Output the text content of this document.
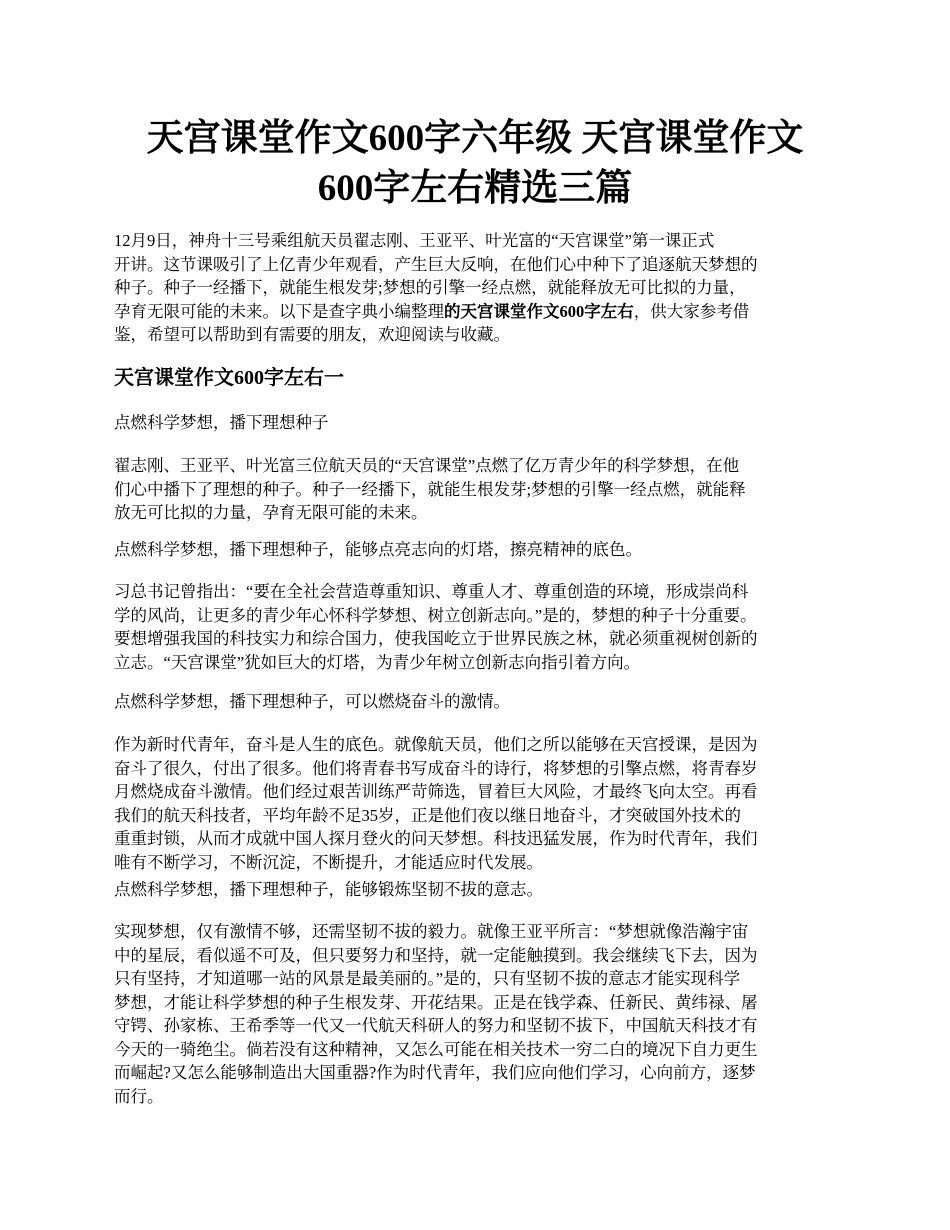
天宫课堂作文600字六年级 天宫课堂作文
600字左右精选三篇

12月9日，神舟十三号乘组航天员翟志刚、王亚平、叶光富的“天宫课堂”第一课正式
开讲。这节课吸引了上亿青少年观看，产生巨大反响，在他们心中种下了追逐航天梦想的
种子。种子一经播下，就能生根发芽;梦想的引擎一经点燃，就能释放无可比拟的力量，
孕育无限可能的未来。以下是查字典小编整理的天宫课堂作文600字左右，供大家参考借
鉴，希望可以帮助到有需要的朋友，欢迎阅读与收藏。

天宫课堂作文600字左右一

点燃科学梦想，播下理想种子

翟志刚、王亚平、叶光富三位航天员的“天宫课堂”点燃了亿万青少年的科学梦想，在他
们心中播下了理想的种子。种子一经播下，就能生根发芽;梦想的引擎一经点燃，就能释
放无可比拟的力量，孕育无限可能的未来。

点燃科学梦想，播下理想种子，能够点亮志向的灯塔，擦亮精神的底色。

习总书记曾指出：“要在全社会营造尊重知识、尊重人才、尊重创造的环境，形成崇尚科
学的风尚，让更多的青少年心怀科学梦想、树立创新志向。”是的，梦想的种子十分重要。
要想增强我国的科技实力和综合国力，使我国屹立于世界民族之林，就必须重视树创新的
立志。“天宫课堂”犹如巨大的灯塔，为青少年树立创新志向指引着方向。

点燃科学梦想，播下理想种子，可以燃烧奋斗的激情。

作为新时代青年，奋斗是人生的底色。就像航天员，他们之所以能够在天宫授课，是因为
奋斗了很久，付出了很多。他们将青春书写成奋斗的诗行，将梦想的引擎点燃，将青春岁
月燃烧成奋斗激情。他们经过艰苦训练严苛筛选，冒着巨大风险，才最终飞向太空。再看
我们的航天科技者，平均年龄不足35岁，正是他们夜以继日地奋斗，才突破国外技术的
重重封锁，从而才成就中国人探月登火的问天梦想。科技迅猛发展，作为时代青年，我们
唯有不断学习，不断沉淀，不断提升，才能适应时代发展。

点燃科学梦想，播下理想种子，能够锻炼坚韧不拔的意志。

实现梦想，仅有激情不够，还需坚韧不拔的毅力。就像王亚平所言：“梦想就像浩瀚宇宙
中的星辰，看似遥不可及，但只要努力和坚持，就一定能触摸到。我会继续飞下去，因为
只有坚持，才知道哪一站的风景是最美丽的。”是的，只有坚韧不拔的意志才能实现科学
梦想，才能让科学梦想的种子生根发芽、开花结果。正是在钱学森、任新民、黄纬禄、屠
守锷、孙家栋、王希季等一代又一代航天科研人的努力和坚韧不拔下，中国航天科技才有
今天的一骑绝尘。倘若没有这种精神，又怎么可能在相关技术一穷二白的境况下自力更生
而崛起?又怎么能够制造出大国重器?作为时代青年，我们应向他们学习，心向前方，逐梦
而行。
